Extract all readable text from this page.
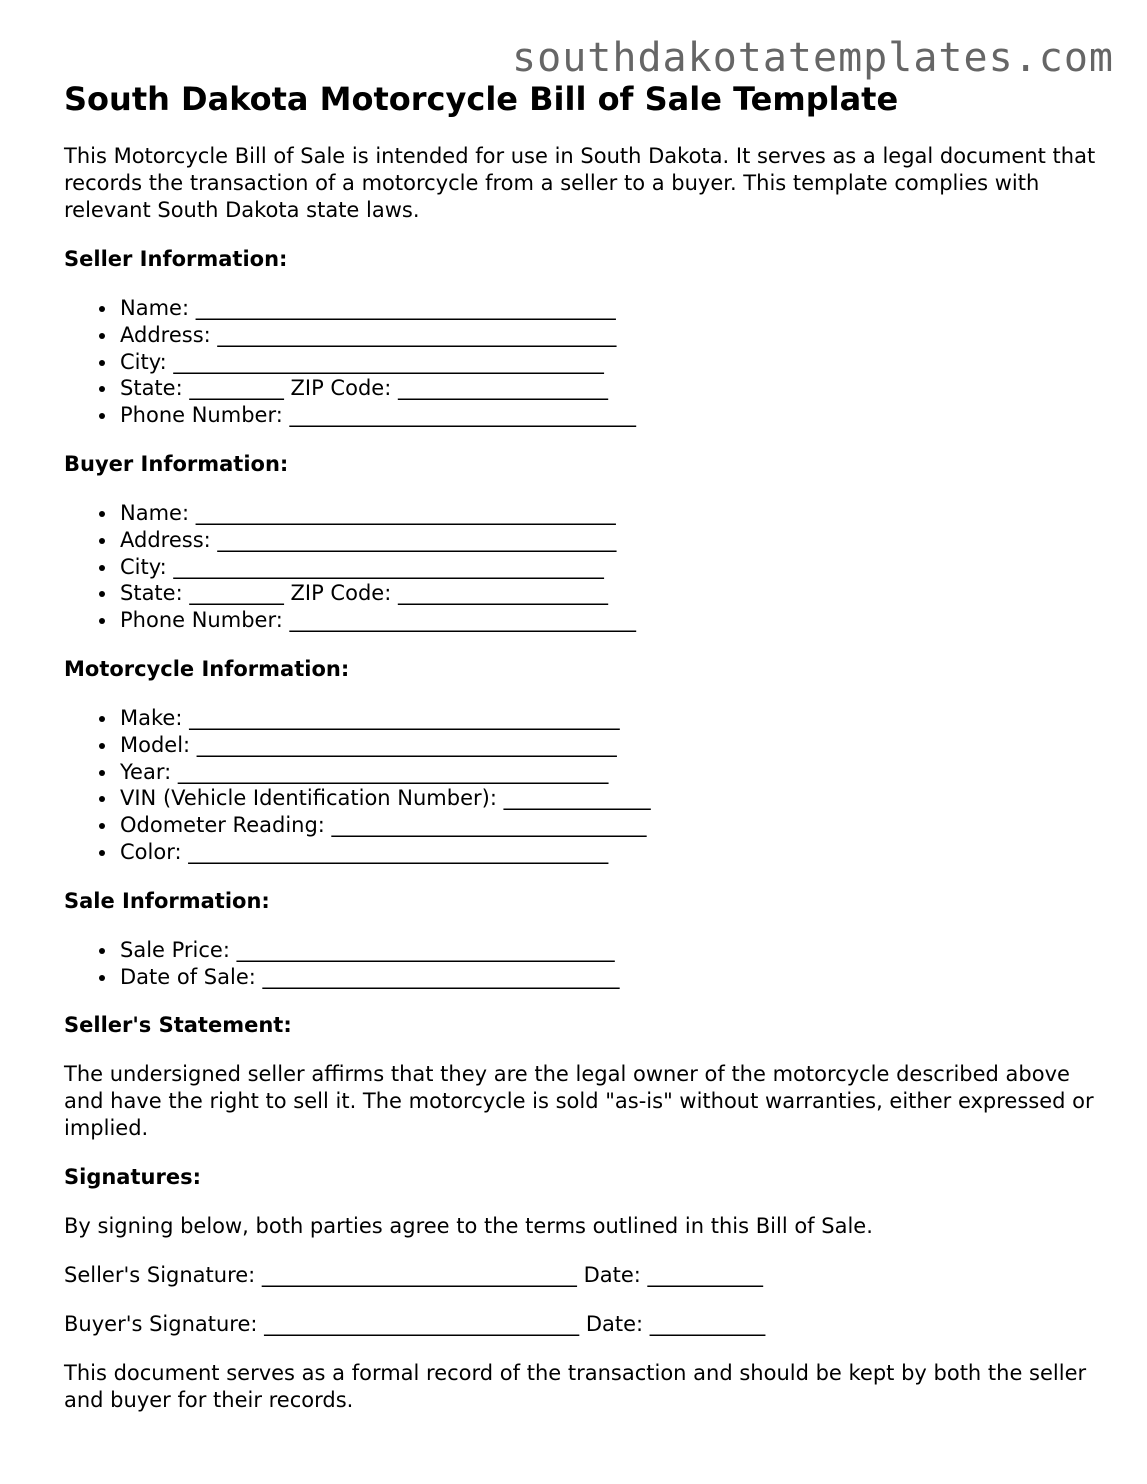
southdakotatemplates.com
South Dakota Motorcycle Bill of Sale Template

This Motorcycle Bill of Sale is intended for use in South Dakota. It serves as a legal document that records the transaction of a motorcycle from a seller to a buyer. This template complies with relevant South Dakota state laws.

Seller Information:
Name: ________________________________________
Address: ______________________________________
City: _________________________________________
State: _________ ZIP Code: ____________________
Phone Number: _________________________________
Buyer Information:
Name: ________________________________________
Address: ______________________________________
City: _________________________________________
State: _________ ZIP Code: ____________________
Phone Number: _________________________________
Motorcycle Information:
Make: _________________________________________
Model: ________________________________________
Year: _________________________________________
VIN (Vehicle Identification Number): ______________
Odometer Reading: ______________________________
Color: ________________________________________
Sale Information:
Sale Price: ____________________________________
Date of Sale: __________________________________
Seller's Statement:

The undersigned seller affirms that they are the legal owner of the motorcycle described above and have the right to sell it. The motorcycle is sold "as-is" without warranties, either expressed or implied.

Signatures:

By signing below, both parties agree to the terms outlined in this Bill of Sale.

Seller's Signature: ______________________________ Date: ___________

Buyer's Signature: ______________________________ Date: ___________

This document serves as a formal record of the transaction and should be kept by both the seller and buyer for their records.
